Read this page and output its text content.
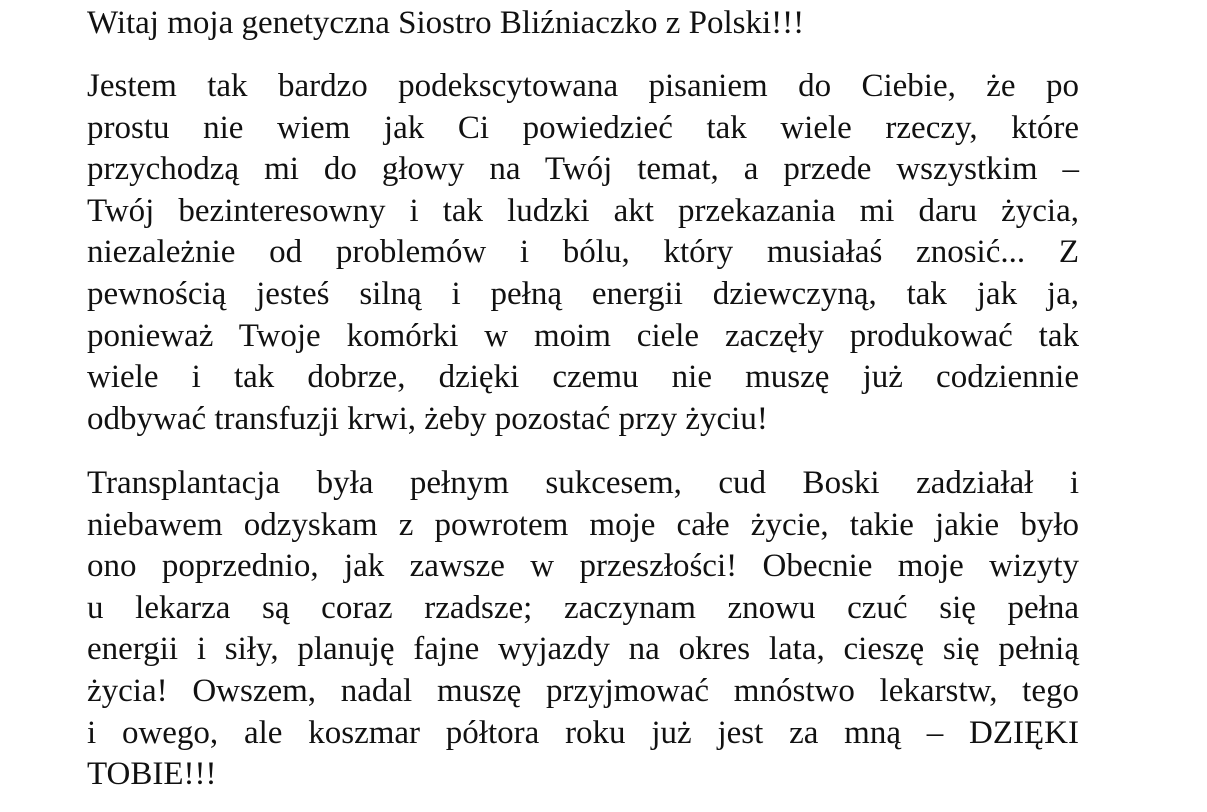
Witaj moja genetyczna Siostro Bliźniaczko z Polski!!!

Jestem tak bardzo podekscytowana pisaniem do Ciebie, że po
prostu nie wiem jak Ci powiedzieć tak wiele rzeczy, które
przychodzą mi do głowy na Twój temat, a przede wszystkim –
Twój bezinteresowny i tak ludzki akt przekazania mi daru życia,
niezależnie od problemów i bólu, który musiałaś znosić... Z
pewnością jesteś silną i pełną energii dziewczyną, tak jak ja,
ponieważ Twoje komórki w moim ciele zaczęły produkować tak
wiele i tak dobrze, dzięki czemu nie muszę już codziennie
odbywać transfuzji krwi, żeby pozostać przy życiu!

Transplantacja była pełnym sukcesem, cud Boski zadziałał i
niebawem odzyskam z powrotem moje całe życie, takie jakie było
ono poprzednio, jak zawsze w przeszłości! Obecnie moje wizyty
u lekarza są coraz rzadsze; zaczynam znowu czuć się pełna
energii i siły, planuję fajne wyjazdy na okres lata, cieszę się pełnią
życia! Owszem, nadal muszę przyjmować mnóstwo lekarstw, tego
i owego, ale koszmar półtora roku już jest za mną – DZIĘKI
TOBIE!!!
